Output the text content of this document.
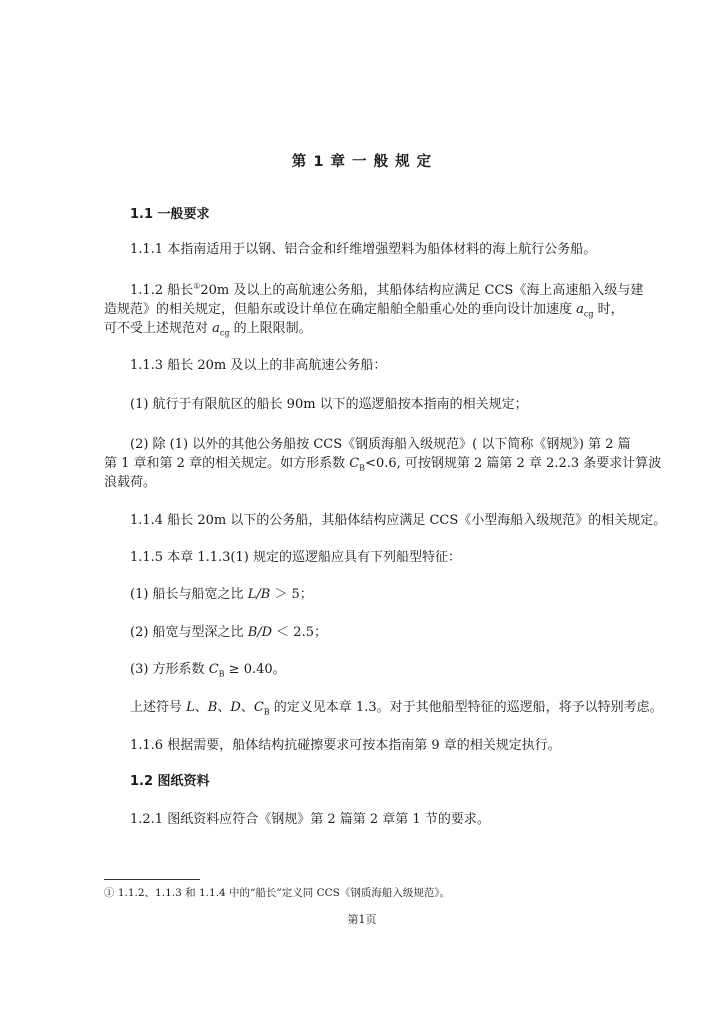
第 1 章 一 般 规 定
1.1 一般要求
1.1.1 本指南适用于以钢、铝合金和纤维增强塑料为船体材料的海上航行公务船。
1.1.2 船长①20m 及以上的高航速公务船，其船体结构应满足 CCS《海上高速船入级与建
造规范》的相关规定，但船东或设计单位在确定船舶全船重心处的垂向设计加速度 $a_{cg}$ 时，
可不受上述规范对 $a_{cg}$ 的上限限制。
1.1.3 船长 20m 及以上的非高航速公务船：
(1) 航行于有限航区的船长 90m 以下的巡逻船按本指南的相关规定；
(2) 除 (1) 以外的其他公务船按 CCS《钢质海船入级规范》( 以下简称《钢规》) 第 2 篇
第 1 章和第 2 章的相关规定。如方形系数 $C_B<0.6$, 可按钢规第 2 篇第 2 章 2.2.3 条要求计算波
浪载荷。
1.1.4 船长 20m 以下的公务船，其船体结构应满足 CCS《小型海船入级规范》的相关规定。
1.1.5 本章 1.1.3(1) 规定的巡逻船应具有下列船型特征：
(1) 船长与船宽之比 L/B ＞ 5；
(2) 船宽与型深之比 B/D ＜ 2.5；
(3) 方形系数 $C_B \ge 0.40$。
上述符号 L、B、D、$C_B$ 的定义见本章 1.3。对于其他船型特征的巡逻船，将予以特别考虑。
1.1.6 根据需要，船体结构抗碰擦要求可按本指南第 9 章的相关规定执行。
1.2 图纸资料
1.2.1 图纸资料应符合《钢规》第 2 篇第 2 章第 1 节的要求。
① 1.1.2、1.1.3 和 1.1.4 中的“船长”定义同 CCS《钢质海船入级规范》。
第1页
